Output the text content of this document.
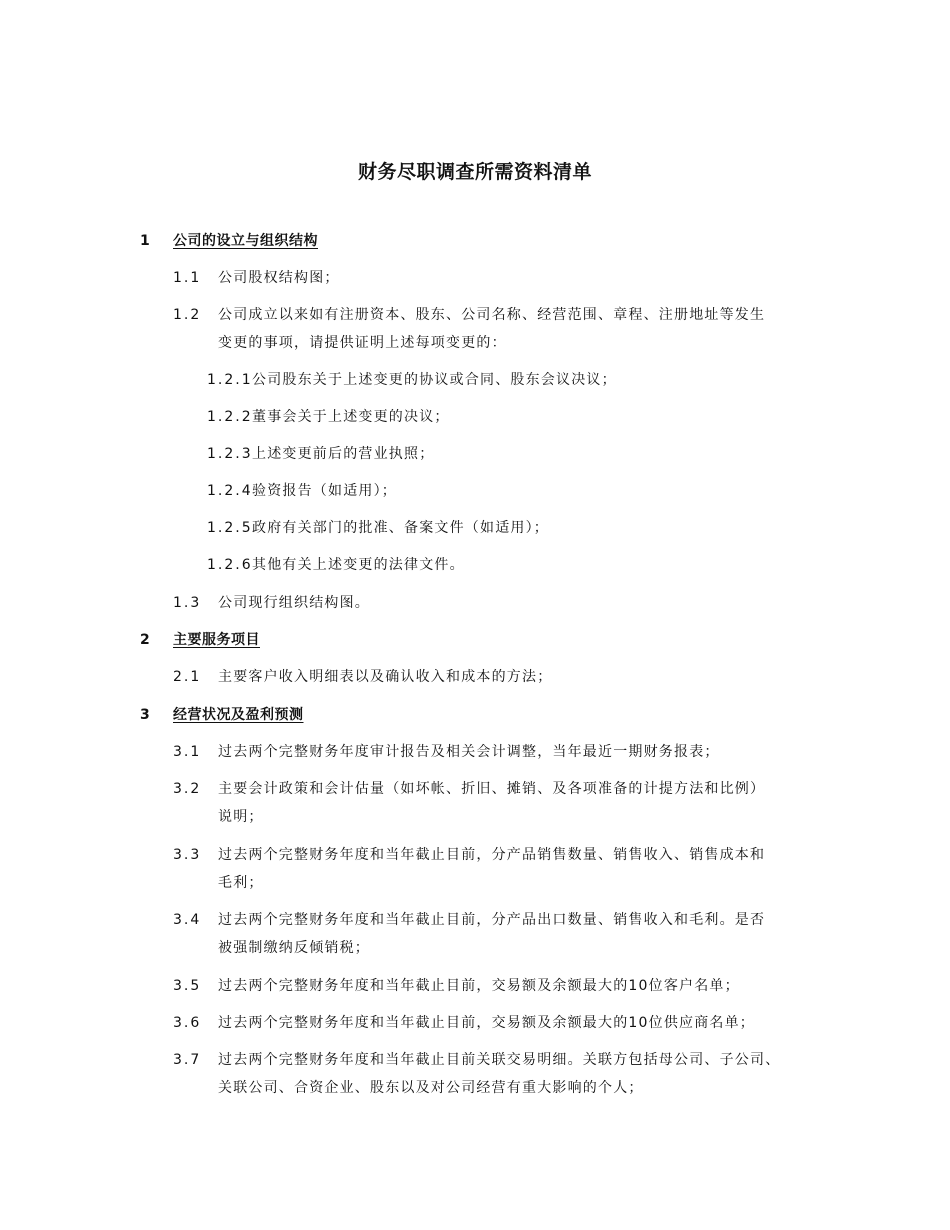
财务尽职调查所需资料清单
1 公司的设立与组织结构
1.1 公司股权结构图；
1.2 公司成立以来如有注册资本、股东、公司名称、经营范围、章程、注册地址等发生
变更的事项，请提供证明上述每项变更的：
1.2.1 公司股东关于上述变更的协议或合同、股东会议决议；
1.2.2 董事会关于上述变更的决议；
1.2.3 上述变更前后的营业执照；
1.2.4 验资报告（如适用）；
1.2.5 政府有关部门的批准、备案文件（如适用）；
1.2.6 其他有关上述变更的法律文件。
1.3 公司现行组织结构图。
2 主要服务项目
2.1 主要客户收入明细表以及确认收入和成本的方法；
3 经营状况及盈利预测
3.1 过去两个完整财务年度审计报告及相关会计调整，当年最近一期财务报表；
3.2 主要会计政策和会计估量（如坏帐、折旧、摊销、及各项准备的计提方法和比例）
说明；
3.3 过去两个完整财务年度和当年截止目前，分产品销售数量、销售收入、销售成本和
毛利；
3.4 过去两个完整财务年度和当年截止目前，分产品出口数量、销售收入和毛利。是否
被强制缴纳反倾销税；
3.5 过去两个完整财务年度和当年截止目前，交易额及余额最大的10位客户名单；
3.6 过去两个完整财务年度和当年截止目前，交易额及余额最大的10位供应商名单；
3.7 过去两个完整财务年度和当年截止目前关联交易明细。关联方包括母公司、子公司、
关联公司、合资企业、股东以及对公司经营有重大影响的个人；
